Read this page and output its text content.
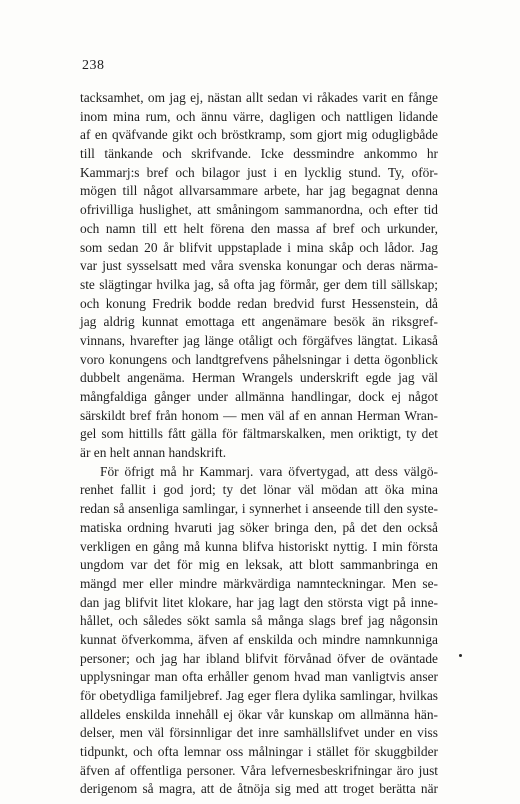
238
tacksamhet, om jag ej, nästan allt sedan vi råkades varit en fånge
inom mina rum, och ännu värre, dagligen och nattligen lidande
af en qväfvande gikt och bröstkramp, som gjort mig odugligbåde
till tänkande och skrifvande. Icke dessmindre ankommo hr
Kammarj:s bref och bilagor just i en lycklig stund. Ty, oför-
mögen till något allvarsammare arbete, har jag begagnat denna
ofrivilliga huslighet, att småningom sammanordna, och efter tid
och namn till ett helt förena den massa af bref och urkunder,
som sedan 20 år blifvit uppstaplade i mina skåp och lådor. Jag
var just sysselsatt med våra svenska konungar och deras närma-
ste slägtingar hvilka jag, så ofta jag förmår, ger dem till sällskap;
och konung Fredrik bodde redan bredvid furst Hessenstein, då
jag aldrig kunnat emottaga ett angenämare besök än riksgref-
vinnans, hvarefter jag länge otåligt och förgäfves längtat. Likaså
voro konungens och landtgrefvens påhelsningar i detta ögonblick
dubbelt angenäma. Herman Wrangels underskrift egde jag väl
mångfaldiga gånger under allmänna handlingar, dock ej något
särskildt bref från honom — men väl af en annan Herman Wran-
gel som hittills fått gälla för fältmarskalken, men oriktigt, ty det
är en helt annan handskrift.
För öfrigt må hr Kammarj. vara öfvertygad, att dess välgö-
renhet fallit i god jord; ty det lönar väl mödan att öka mina
redan så ansenliga samlingar, i synnerhet i anseende till den syste-
matiska ordning hvaruti jag söker bringa den, på det den också
verkligen en gång må kunna blifva historiskt nyttig. I min första
ungdom var det för mig en leksak, att blott sammanbringa en
mängd mer eller mindre märkvärdiga namnteckningar. Men se-
dan jag blifvit litet klokare, har jag lagt den största vigt på inne-
hållet, och således sökt samla så många slags bref jag någonsin
kunnat öfverkomma, äfven af enskilda och mindre namnkunniga
personer; och jag har ibland blifvit förvånad öfver de oväntade
upplysningar man ofta erhåller genom hvad man vanligtvis anser
för obetydliga familjebref. Jag eger flera dylika samlingar, hvilkas
alldeles enskilda innehåll ej ökar vår kunskap om allmänna hän-
delser, men väl försinnligar det inre samhällslifvet under en viss
tidpunkt, och ofta lemnar oss målningar i stället för skuggbilder
äfven af offentliga personer. Våra lefvernesbeskrifningar äro just
derigenom så magra, att de åtnöja sig med att troget berätta när
